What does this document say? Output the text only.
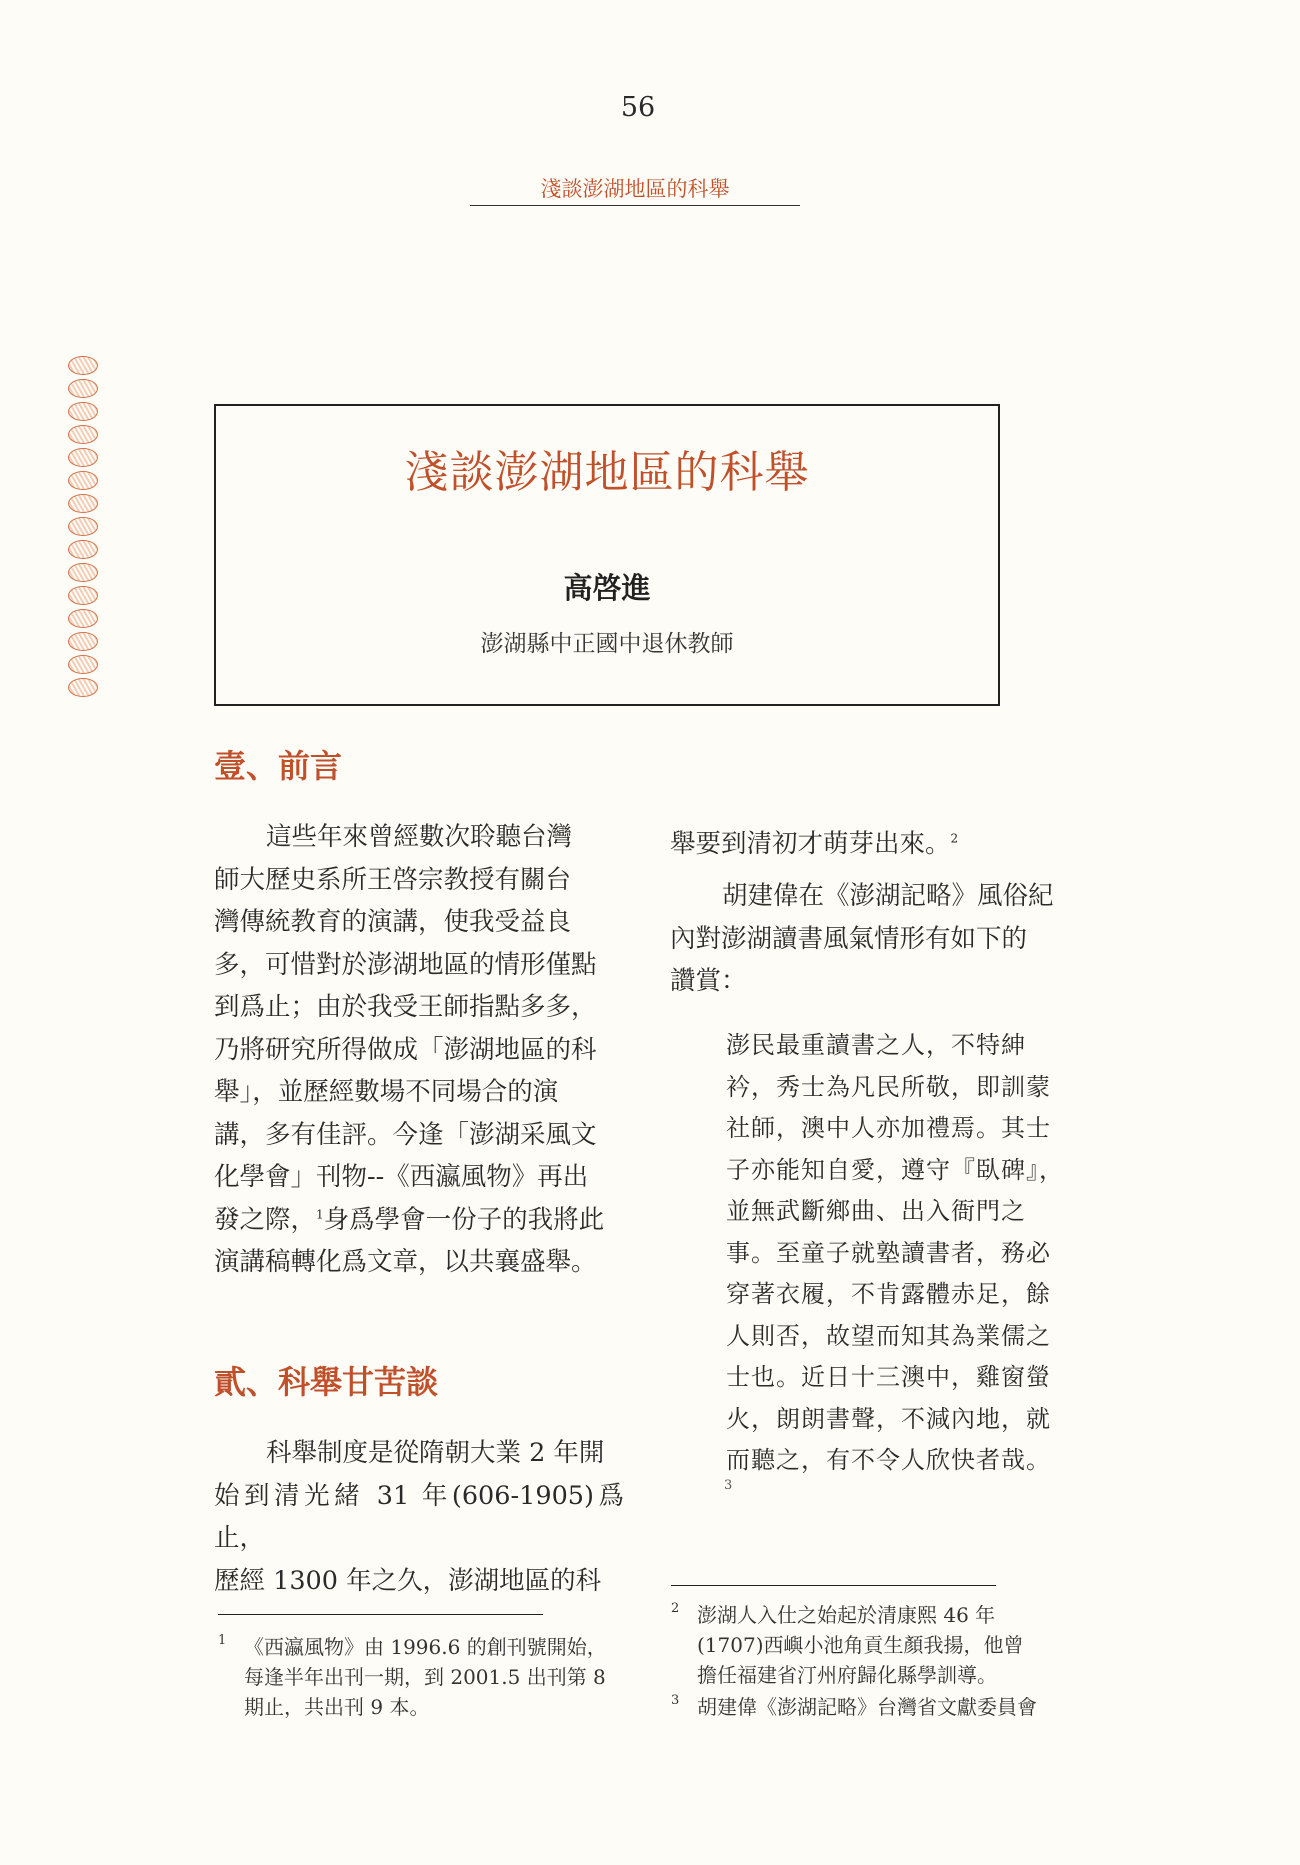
56
淺談澎湖地區的科舉
淺談澎湖地區的科舉
高啓進
澎湖縣中正國中退休教師
壹、前言
這些年來曾經數次聆聽台灣
師大歷史系所王啓宗教授有關台
灣傳統教育的演講，使我受益良
多，可惜對於澎湖地區的情形僅點
到爲止；由於我受王師指點多多，
乃將研究所得做成「澎湖地區的科
舉」，並歷經數場不同場合的演
講，多有佳評。今逢「澎湖采風文
化學會」刊物--《西瀛風物》再出
發之際，$^1$身爲學會一份子的我將此
演講稿轉化爲文章，以共襄盛舉。
貳、科舉甘苦談
科舉制度是從隋朝大業 2 年開
始到清光緒 31 年(606-1905)爲止，
歷經 1300 年之久，澎湖地區的科
舉要到清初才萌芽出來。$^2$
胡建偉在《澎湖記略》風俗紀
內對澎湖讀書風氣情形有如下的
讚賞：
澎民最重讀書之人，不特紳
衿，秀士為凡民所敬，即訓蒙
社師，澳中人亦加禮焉。其士
子亦能知自愛，遵守『臥碑』，
並無武斷鄉曲、出入衙門之
事。至童子就塾讀書者，務必
穿著衣履，不肯露體赤足，餘
人則否，故望而知其為業儒之
士也。近日十三澳中，雞窗螢
火，朗朗書聲，不減內地，就
而聽之，有不令人欣快者哉。
3
1 《西瀛風物》由 1996.6 的創刊號開始，
每逢半年出刊一期，到 2001.5 出刊第 8
期止，共出刊 9 本。
2 澎湖人入仕之始起於清康熙 46 年
(1707)西嶼小池角貢生顏我揚，他曾
擔任福建省汀州府歸化縣學訓導。
3 胡建偉《澎湖記略》台灣省文獻委員會
